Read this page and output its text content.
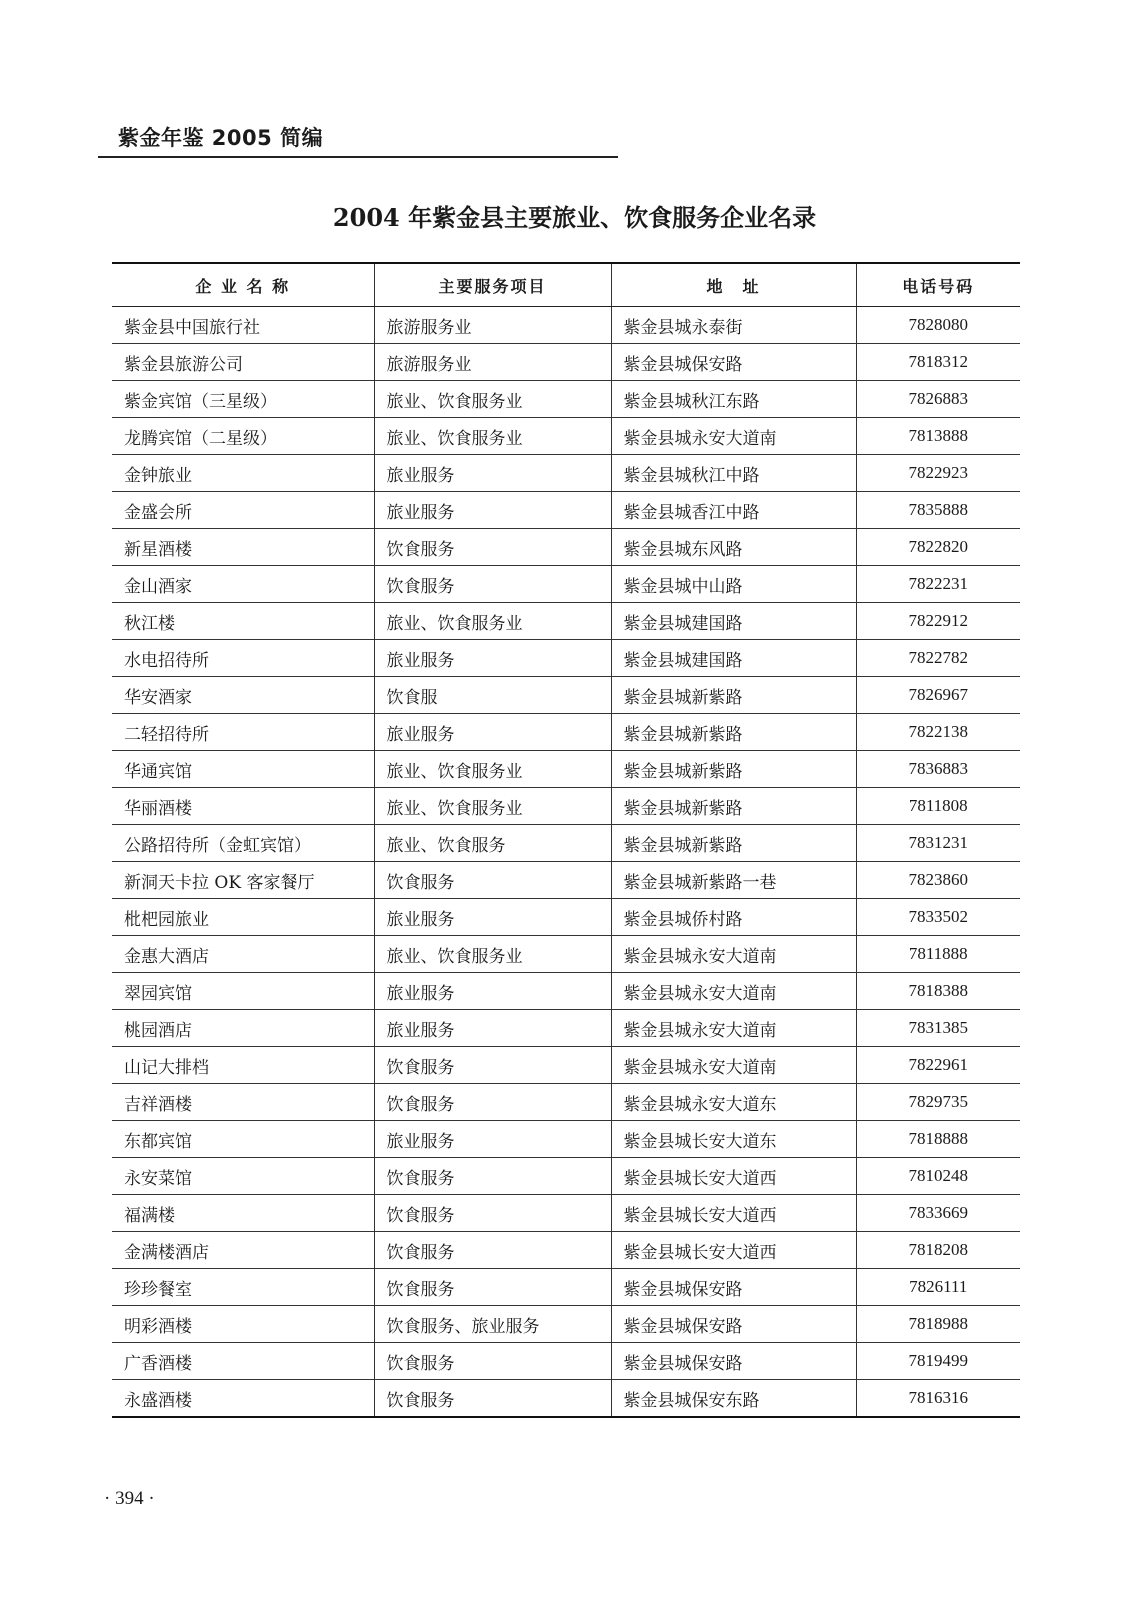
紫金年鉴 2005 简编
2004 年紫金县主要旅业、饮食服务企业名录
企 业 名 称	主要服务项目	地　址	电话号码
紫金县中国旅行社	旅游服务业	紫金县城永泰街	7828080
紫金县旅游公司	旅游服务业	紫金县城保安路	7818312
紫金宾馆（三星级）	旅业、饮食服务业	紫金县城秋江东路	7826883
龙腾宾馆（二星级）	旅业、饮食服务业	紫金县城永安大道南	7813888
金钟旅业	旅业服务	紫金县城秋江中路	7822923
金盛会所	旅业服务	紫金县城香江中路	7835888
新星酒楼	饮食服务	紫金县城东风路	7822820
金山酒家	饮食服务	紫金县城中山路	7822231
秋江楼	旅业、饮食服务业	紫金县城建国路	7822912
水电招待所	旅业服务	紫金县城建国路	7822782
华安酒家	饮食服	紫金县城新紫路	7826967
二轻招待所	旅业服务	紫金县城新紫路	7822138
华通宾馆	旅业、饮食服务业	紫金县城新紫路	7836883
华丽酒楼	旅业、饮食服务业	紫金县城新紫路	7811808
公路招待所（金虹宾馆）	旅业、饮食服务	紫金县城新紫路	7831231
新洞天卡拉 OK 客家餐厅	饮食服务	紫金县城新紫路一巷	7823860
枇杷园旅业	旅业服务	紫金县城侨村路	7833502
金惠大酒店	旅业、饮食服务业	紫金县城永安大道南	7811888
翠园宾馆	旅业服务	紫金县城永安大道南	7818388
桃园酒店	旅业服务	紫金县城永安大道南	7831385
山记大排档	饮食服务	紫金县城永安大道南	7822961
吉祥酒楼	饮食服务	紫金县城永安大道东	7829735
东都宾馆	旅业服务	紫金县城长安大道东	7818888
永安菜馆	饮食服务	紫金县城长安大道西	7810248
福满楼	饮食服务	紫金县城长安大道西	7833669
金满楼酒店	饮食服务	紫金县城长安大道西	7818208
珍珍餐室	饮食服务	紫金县城保安路	7826111
明彩酒楼	饮食服务、旅业服务	紫金县城保安路	7818988
广香酒楼	饮食服务	紫金县城保安路	7819499
永盛酒楼	饮食服务	紫金县城保安东路	7816316
· 394 ·
